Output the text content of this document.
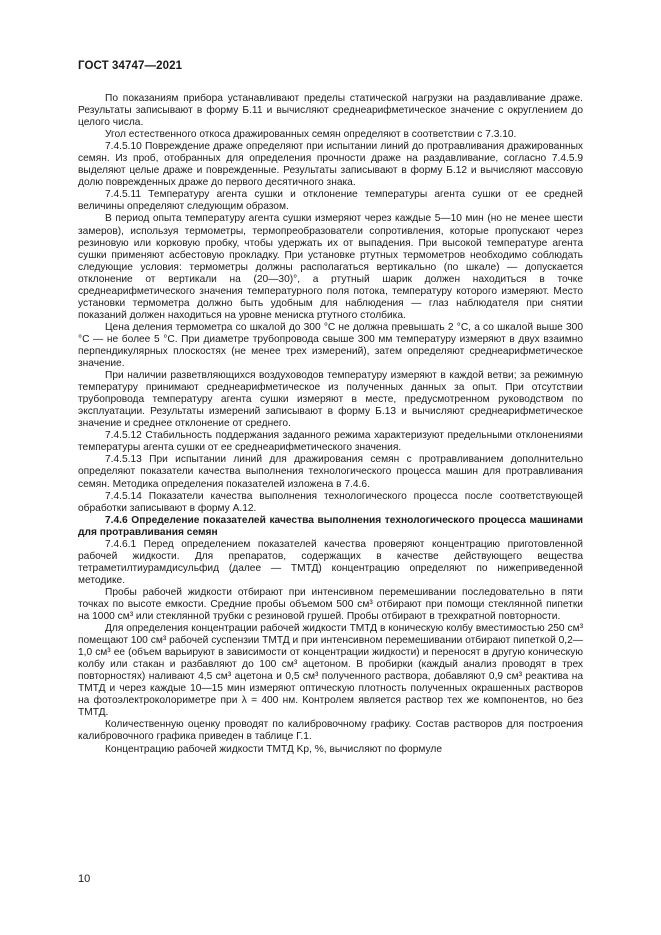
ГОСТ 34747—2021

По показаниям прибора устанавливают пределы статической нагрузки на раздавливание драже. Результаты записывают в форму Б.11 и вычисляют среднеарифметическое значение с округлением до целого числа.

Угол естественного откоса дражированных семян определяют в соответствии с 7.3.10.

7.4.5.10 Повреждение драже определяют при испытании линий до протравливания дражированных семян. Из проб, отобранных для определения прочности драже на раздавливание, согласно 7.4.5.9 выделяют целые драже и поврежденные. Результаты записывают в форму Б.12 и вычисляют массовую долю поврежденных драже до первого десятичного знака.

7.4.5.11 Температуру агента сушки и отклонение температуры агента сушки от ее средней величины определяют следующим образом.

В период опыта температуру агента сушки измеряют через каждые 5—10 мин (но не менее шести замеров), используя термометры, термопреобразователи сопротивления, которые пропускают через резиновую или корковую пробку, чтобы удержать их от выпадения. При высокой температуре агента сушки применяют асбестовую прокладку. При установке ртутных термометров необходимо соблюдать следующие условия: термометры должны располагаться вертикально (по шкале) — допускается отклонение от вертикали на (20—30)°, а ртутный шарик должен находиться в точке среднеарифметического значения температурного поля потока, температуру которого измеряют. Место установки термометра должно быть удобным для наблюдения — глаз наблюдателя при снятии показаний должен находиться на уровне мениска ртутного столбика.

Цена деления термометра со шкалой до 300 °С не должна превышать 2 °С, а со шкалой выше 300 °С — не более 5 °С. При диаметре трубопровода свыше 300 мм температуру измеряют в двух взаимно перпендикулярных плоскостях (не менее трех измерений), затем определяют среднеарифметическое значение.

При наличии разветвляющихся воздуховодов температуру измеряют в каждой ветви; за режимную температуру принимают среднеарифметическое из полученных данных за опыт. При отсутствии трубопровода температуру агента сушки измеряют в месте, предусмотренном руководством по эксплуатации. Результаты измерений записывают в форму Б.13 и вычисляют среднеарифметическое значение и среднее отклонение от среднего.

7.4.5.12 Стабильность поддержания заданного режима характеризуют предельными отклонениями температуры агента сушки от ее среднеарифметического значения.

7.4.5.13 При испытании линий для дражирования семян с протравливанием дополнительно определяют показатели качества выполнения технологического процесса машин для протравливания семян. Методика определения показателей изложена в 7.4.6.

7.4.5.14 Показатели качества выполнения технологического процесса после соответствующей обработки записывают в форму А.12.

7.4.6 Определение показателей качества выполнения технологического процесса машинами для протравливания семян

7.4.6.1 Перед определением показателей качества проверяют концентрацию приготовленной рабочей жидкости. Для препаратов, содержащих в качестве действующего вещества тетраметилтиурамдисульфид (далее — ТМТД) концентрацию определяют по нижеприведенной методике.

Пробы рабочей жидкости отбирают при интенсивном перемешивании последовательно в пяти точках по высоте емкости. Средние пробы объемом 500 см³ отбирают при помощи стеклянной пипетки на 1000 см³ или стеклянной трубки с резиновой грушей. Пробы отбирают в трехкратной повторности.

Для определения концентрации рабочей жидкости ТМТД в коническую колбу вместимостью 250 см³ помещают 100 см³ рабочей суспензии ТМТД и при интенсивном перемешивании отбирают пипеткой 0,2—1,0 см³ ее (объем варьируют в зависимости от концентрации жидкости) и переносят в другую коническую колбу или стакан и разбавляют до 100 см³ ацетоном. В пробирки (каждый анализ проводят в трех повторностях) наливают 4,5 см³ ацетона и 0,5 см³ полученного раствора, добавляют 0,9 см³ реактива на ТМТД и через каждые 10—15 мин измеряют оптическую плотность полученных окрашенных растворов на фотоэлектроколориметре при λ = 400 нм. Контролем является раствор тех же компонентов, но без ТМТД.

Количественную оценку проводят по калибровочному графику. Состав растворов для построения калибровочного графика приведен в таблице Г.1.

Концентрацию рабочей жидкости ТМТД Kр, %, вычисляют по формуле

10
